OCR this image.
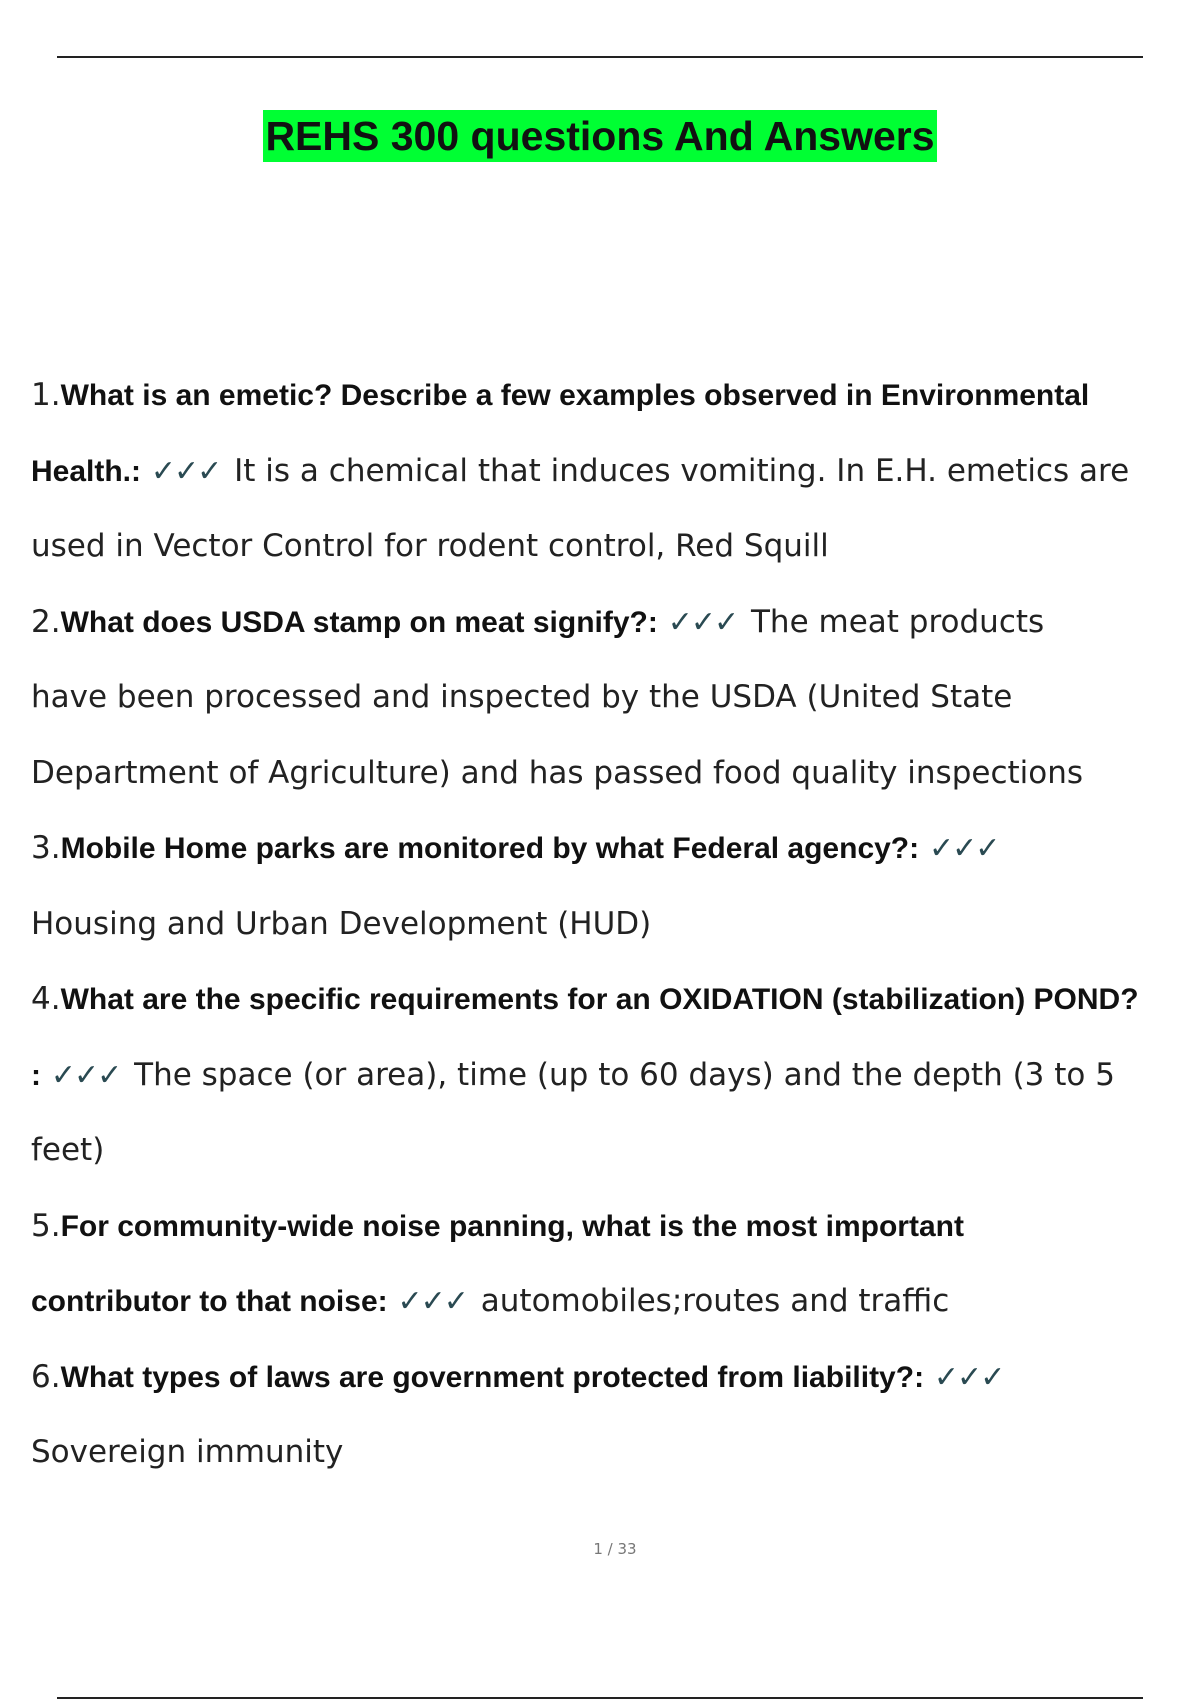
REHS 300 questions And Answers

1.What is an emetic? Describe a few examples observed in Environmental
Health.: ✓✓✓ It is a chemical that induces vomiting. In E.H. emetics are
used in Vector Control for rodent control, Red Squill

2.What does USDA stamp on meat signify?: ✓✓✓ The meat products
have been processed and inspected by the USDA (United State
Department of Agriculture) and has passed food quality inspections

3.Mobile Home parks are monitored by what Federal agency?: ✓✓✓
Housing and Urban Development (HUD)

4.What are the specific requirements for an OXIDATION (stabilization) POND?
: ✓✓✓ The space (or area), time (up to 60 days) and the depth (3 to 5
feet)

5.For community-wide noise panning, what is the most important
contributor to that noise: ✓✓✓ automobiles;routes and traffic

6.What types of laws are government protected from liability?: ✓✓✓
Sovereign immunity

1 / 33
